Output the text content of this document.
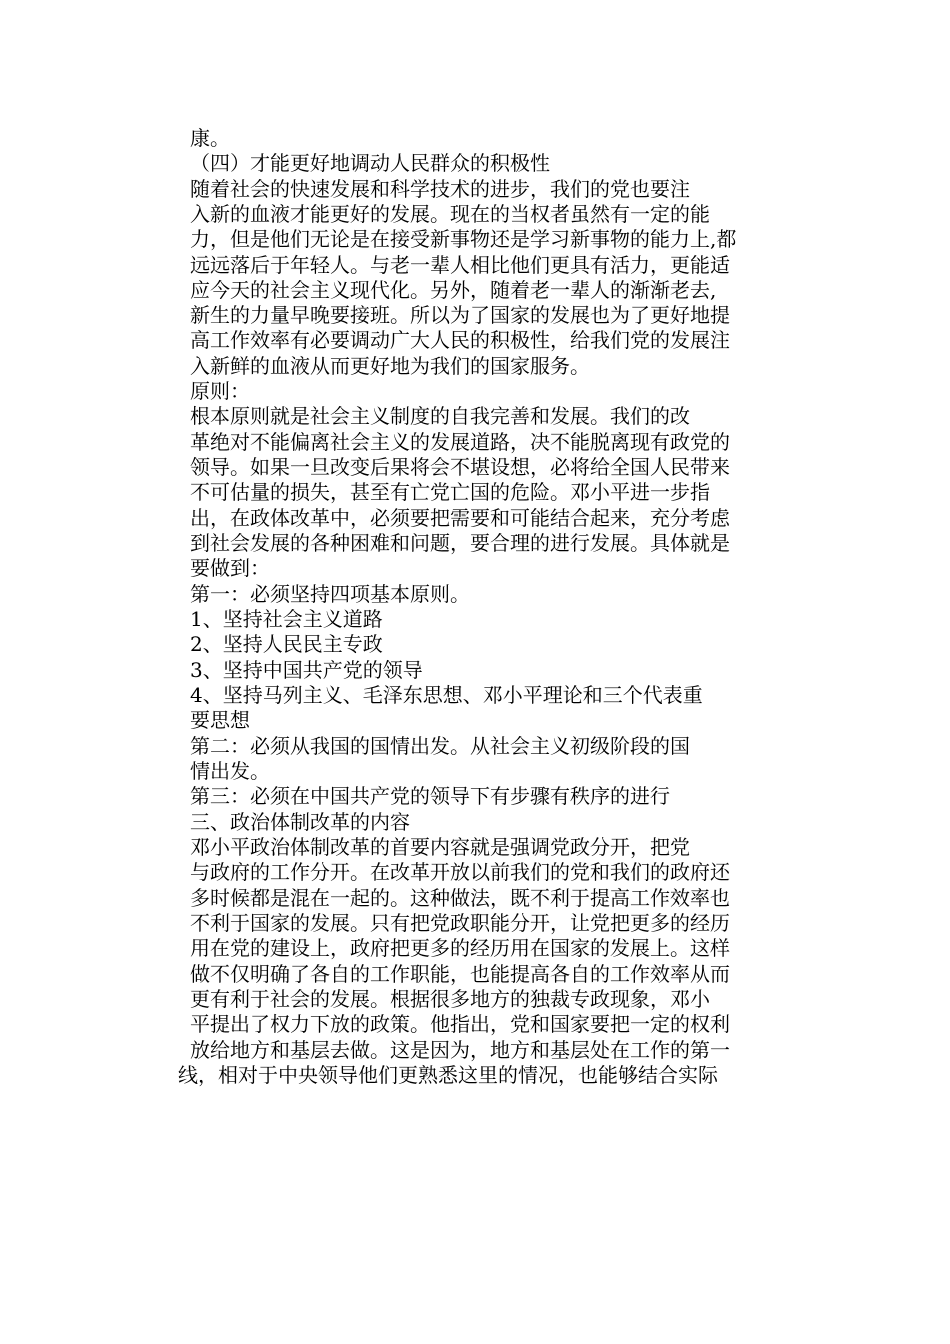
康。
（四）才能更好地调动人民群众的积极性
随着社会的快速发展和科学技术的进步，我们的党也要注
入新的血液才能更好的发展。现在的当权者虽然有一定的能
力，但是他们无论是在接受新事物还是学习新事物的能力上,都
远远落后于年轻人。与老一辈人相比他们更具有活力，更能适
应今天的社会主义现代化。另外，随着老一辈人的渐渐老去,
新生的力量早晚要接班。所以为了国家的发展也为了更好地提
高工作效率有必要调动广大人民的积极性，给我们党的发展注
入新鲜的血液从而更好地为我们的国家服务。
原则：
根本原则就是社会主义制度的自我完善和发展。我们的改
革绝对不能偏离社会主义的发展道路，决不能脱离现有政党的
领导。如果一旦改变后果将会不堪设想，必将给全国人民带来
不可估量的损失，甚至有亡党亡国的危险。邓小平进一步指
出，在政体改革中，必须要把需要和可能结合起来，充分考虑
到社会发展的各种困难和问题，要合理的进行发展。具体就是
要做到：
第一：必须坚持四项基本原则。
1、坚持社会主义道路
2、坚持人民民主专政
3、坚持中国共产党的领导
4、坚持马列主义、毛泽东思想、邓小平理论和三个代表重
要思想
第二：必须从我国的国情出发。从社会主义初级阶段的国
情出发。
第三：必须在中国共产党的领导下有步骤有秩序的进行
三、政治体制改革的内容
邓小平政治体制改革的首要内容就是强调党政分开，把党
与政府的工作分开。在改革开放以前我们的党和我们的政府还
多时候都是混在一起的。这种做法，既不利于提高工作效率也
不利于国家的发展。只有把党政职能分开，让党把更多的经历
用在党的建设上，政府把更多的经历用在国家的发展上。这样
做不仅明确了各自的工作职能，也能提高各自的工作效率从而
更有利于社会的发展。根据很多地方的独裁专政现象，邓小
平提出了权力下放的政策。他指出，党和国家要把一定的权利
放给地方和基层去做。这是因为，地方和基层处在工作的第一
线，相对于中央领导他们更熟悉这里的情况，也能够结合实际
